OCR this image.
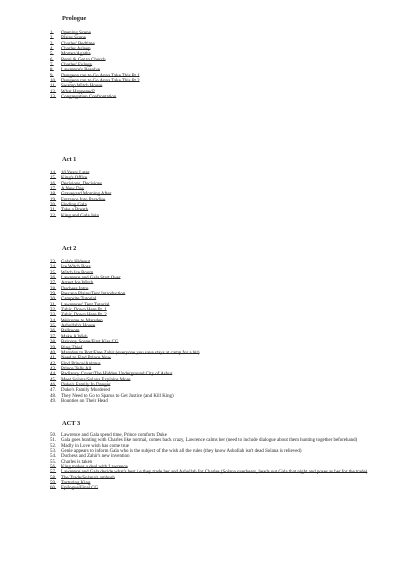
Prologue
1.	Opening Scene
2.	Plains Scene
3.	Charles' Bedtime
4.	Charles Asleep
5.	Mortez/Agatha
6.	Remi & Get to Church
7.	Charles' Eulogy
8.	Lawrence's Resolve
9.	Dungeon ran to Go Anna Take This Pt 1
10. Dungeon ran to Go Anna Take This Pt 2
11.	Swamp Witch House
12. What Happened?
13. Congregation Confrontation
Act 1
14. 10 Years Later
15. King's Office
16. Decisions, Decisions
17. A New Day
18. Graveyard Morning After
19. Entrance Into Paradise
20. Finding Gala
21. Take a Breath
22. King and Gala Join
Act 2
23. Gala's Hideout
24. Ice Witch Boss
25. Witch Ice Room
26. Lawrence and Gala Start Over
27. Arrest Ice Witch
28. Duchess Intro
29. Pascana Plains/Tent Introduction
30. Campsite Tutorial
31. Lawrences' Tent Tutorial
32. Zahir, Down Here Pt. 1
33. Zahir, Down Here Pt. 2
34. Welcome to Marsden
35. Ashollah's House
36. Ballroom
37. Make A Wish
38. Balcony Scene/First Kiss CG
39. Ring Thief
40. Marsden to Port/Free Zahir (everyone you save stays at camp for a bit)
41. Need to Find Prince Now
42. Find Prince/Animus
43. Prince Tells All
44. Radiancy Cover/The Hidden Underground City of Ashur
45. Meet Solana/Solana Explains More
46. Duke's Family In Danger
47. Duke's Family Murdered
48. They Need to Go to Sparus to Get Justice (and Kill King)
49. Bounties on Their Head
ACT 3
50. Lawrence and Gala spend time, Prince comforts Duke
51. Gala goes hunting with Charles like normal, comes back crazy, Lawrence calms her (need to include dialogue about them hunting together beforehand)
52. Madly in Love wish has come true
53. Genie appears to inform Gala who is the subject of the wish all the rules (they know Ashollah isn't dead Solana is relieved)
54. Duchess and Zahir's new invention
55. Charles is taken
56. King makes a deal with Lawrence
57. Lawrence and Gala decide what's best i.e they trade her and Ashollah for Charles (Solana overhears, heads out Gala that night and poses as her for the trade)
58. The Trade/Solana's ambush
59. Torturing King
60. Epilogue/Final CG
